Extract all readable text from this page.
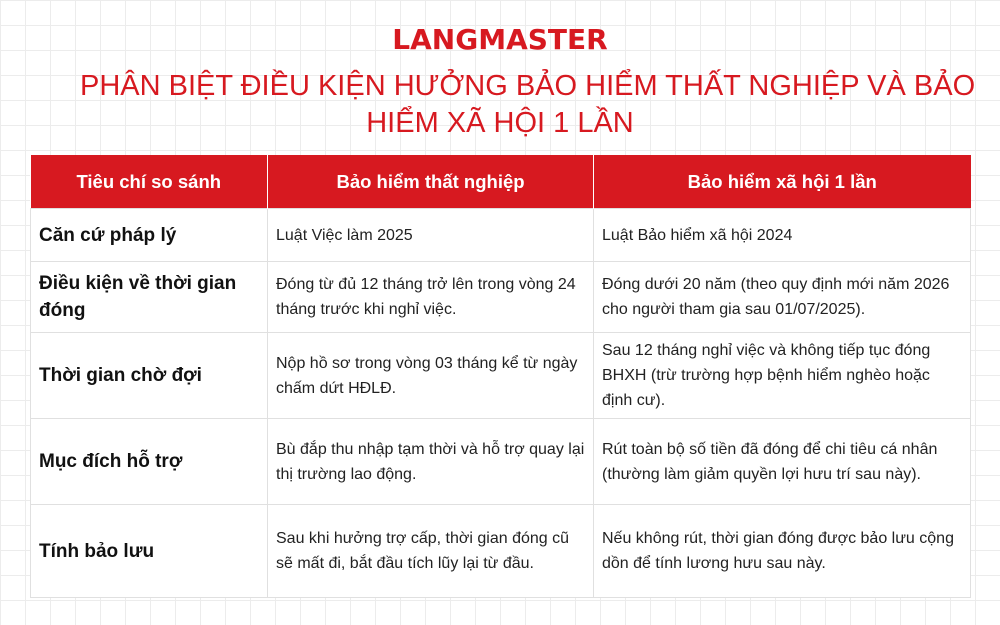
LANGMASTER
PHÂN BIỆT ĐIỀU KIỆN HƯỞNG BẢO HIỂM THẤT NGHIỆP VÀ BẢO
HIỂM XÃ HỘI 1 LẦN
Tiêu chí so sánh	Bảo hiểm thất nghiệp	Bảo hiểm xã hội 1 lần
Căn cứ pháp lý	Luật Việc làm 2025	Luật Bảo hiểm xã hội 2024
Điều kiện về thời gian đóng	Đóng từ đủ 12 tháng trở lên trong vòng 24 tháng trước khi nghỉ việc.	Đóng dưới 20 năm (theo quy định mới năm 2026 cho người tham gia sau 01/07/2025).
Thời gian chờ đợi	Nộp hồ sơ trong vòng 03 tháng kể từ ngày chấm dứt HĐLĐ.	Sau 12 tháng nghỉ việc và không tiếp tục đóng BHXH (trừ trường hợp bệnh hiểm nghèo hoặc định cư).
Mục đích hỗ trợ	Bù đắp thu nhập tạm thời và hỗ trợ quay lại thị trường lao động.	Rút toàn bộ số tiền đã đóng để chi tiêu cá nhân (thường làm giảm quyền lợi hưu trí sau này).
Tính bảo lưu	Sau khi hưởng trợ cấp, thời gian đóng cũ sẽ mất đi, bắt đầu tích lũy lại từ đầu.	Nếu không rút, thời gian đóng được bảo lưu cộng dồn để tính lương hưu sau này.
